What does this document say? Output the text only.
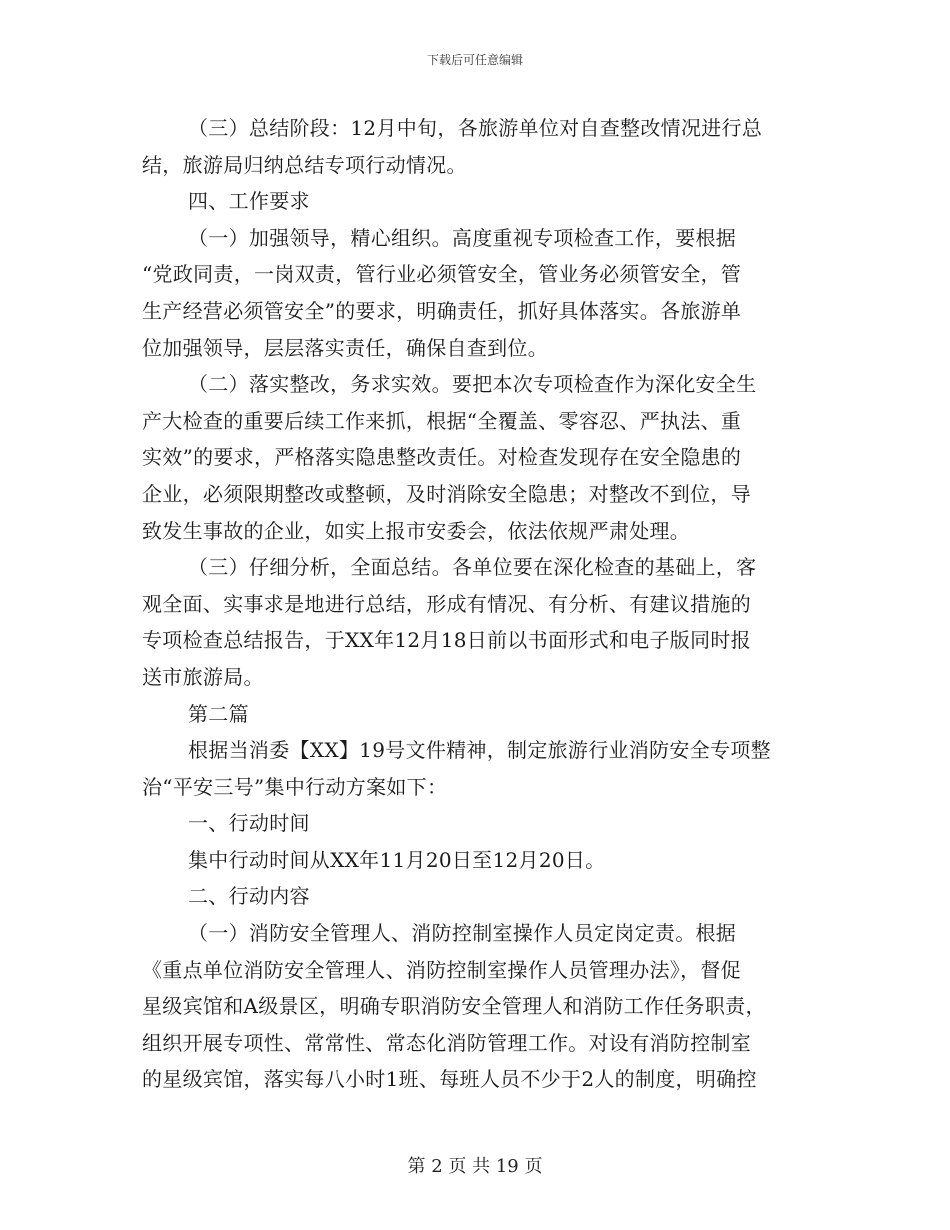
下载后可任意编辑
（三）总结阶段：12月中旬，各旅游单位对自查整改情况进行总
结，旅游局归纳总结专项行动情况。
四、工作要求
（一）加强领导，精心组织。高度重视专项检查工作，要根据
“党政同责，一岗双责，管行业必须管安全，管业务必须管安全，管
生产经营必须管安全”的要求，明确责任，抓好具体落实。各旅游单
位加强领导，层层落实责任，确保自查到位。
（二）落实整改，务求实效。要把本次专项检查作为深化安全生
产大检查的重要后续工作来抓，根据“全覆盖、零容忍、严执法、重
实效”的要求，严格落实隐患整改责任。对检查发现存在安全隐患的
企业，必须限期整改或整顿，及时消除安全隐患；对整改不到位，导
致发生事故的企业，如实上报市安委会，依法依规严肃处理。
（三）仔细分析，全面总结。各单位要在深化检查的基础上，客
观全面、实事求是地进行总结，形成有情况、有分析、有建议措施的
专项检查总结报告，于XX年12月18日前以书面形式和电子版同时报
送市旅游局。
第二篇
根据当消委【XX】19号文件精神，制定旅游行业消防安全专项整
治“平安三号”集中行动方案如下：
一、行动时间
集中行动时间从XX年11月20日至12月20日。
二、行动内容
（一）消防安全管理人、消防控制室操作人员定岗定责。根据
《重点单位消防安全管理人、消防控制室操作人员管理办法》，督促
星级宾馆和A级景区，明确专职消防安全管理人和消防工作任务职责，
组织开展专项性、常常性、常态化消防管理工作。对设有消防控制室
的星级宾馆，落实每八小时1班、每班人员不少于2人的制度，明确控
第 2 页 共 19 页
